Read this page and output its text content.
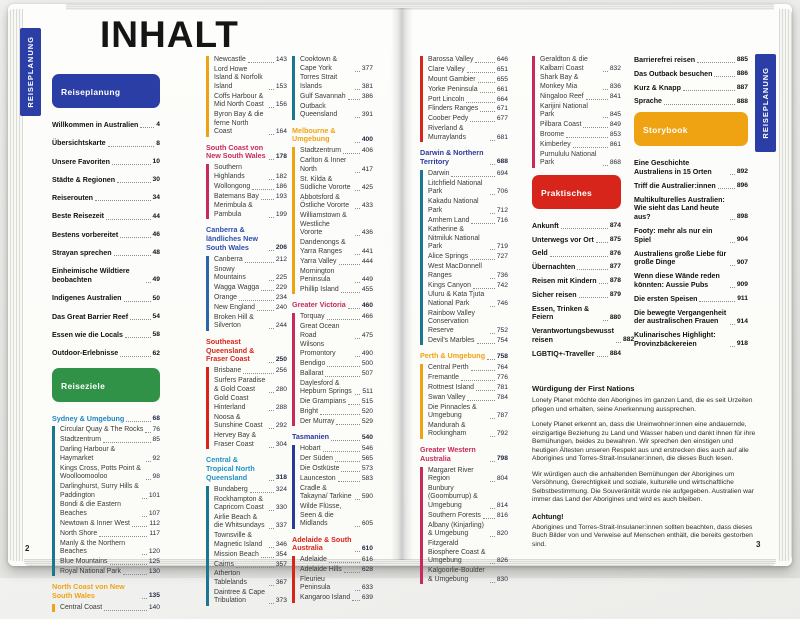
REISEPLANUNG	REISEPLANUNG
INHALT
Reiseplanung
Willkommen in Australien	4
Übersichtskarte	8
Unsere Favoriten	10
Städte & Regionen	30
Reiserouten	34
Beste Reisezeit	44
Bestens vorbereitet	46
Strayan sprechen	48
Einheimische Wildtiere beobachten	49
Indigenes Australien	50
Das Great Barrier Reef	54
Essen wie die Locals	58
Outdoor-Erlebnisse	62
Reiseziele
Sydney & Umgebung	68
Circular Quay & The Rocks 76
Stadtzentrum	85
Darling Harbour & Haymarket	92
Kings Cross, Potts Point & Woolloomooloo	98
Darlinghurst, Surry Hills & Paddington	101
Bondi & die Eastern Beaches	107
Newtown & Inner West	112
North Shore	117
Manly & the Northern Beaches	120
Blue Mountains	125
Royal National Park	130
North Coast von New South Wales	135
Central Coast	140
Newcastle	143
Lord Howe Island & Norfolk Island	153
Coffs Harbour & Mid North Coast	156
Byron Bay & die ferne North Coast	164
South Coast von New South Wales 178
Southern Highlands	182
Wollongong	186
Batemans Bay	193
Merimbula & Pambula	199
Canberra & ländliches New South Wales	206
Canberra	212
Snowy Mountains	225
Wagga Wagga	229
Orange	234
New England	240
Broken Hill & Silverton	244
Southeast Queensland & Fraser Coast	250
Brisbane	256
Surfers Paradise & Gold Coast	280
Gold Coast Hinterland	288
Noosa & Sunshine Coast	292
Hervey Bay & Fraser Coast	304
Central & Tropical North Queensland	318
Bundaberg	324
Rockhampton & Capricorn Coast	330
Airlie Beach & die Whitsundays	337
Townsville & Magnetic Island	346
Mission Beach	354
Cairns	357
Atherton Tablelands	367
Daintree & Cape Tribulation	373
Cooktown & Cape York	377
Torres Strait Islands	381
Gulf Savannah 386
Outback Queensland	391
Melbourne & Umgebung	400
Stadtzentrum	406
Carlton & Inner North	417
St. Kilda & Südliche Vororte	425
Abbotsford & Östliche Vororte	433
Williamstown & Westliche Vororte	436
Dandenongs & Yarra Ranges	441
Yarra Valley	444
Mornington Peninsula	449
Phillip Island	455
Greater Victoria 460
Torquay	466
Great Ocean Road	475
Wilsons Promontory	490
Bendigo	500
Ballarat	507
Daylesford & Hepburn Springs 511
Die Grampians 515
Bright	520
Der Murray	529
Tasmanien	540
Hobart	546
Der Süden	565
Die Ostküste	573
Launceston	583
Cradle & Takayna/ Tarkine 590
Wilde Flüsse, Seen & die Midlands	605
Adelaide & South Australia	610
Adelaide	616
Adelaide Hills	628
Fleurieu Peninsula	633
Kangaroo Island 639
Barossa Valley	646
Clare Valley	651
Mount Gambier	655
Yorke Peninsula	661
Port Lincoln	664
Flinders Ranges	671
Coober Pedy	677
Riverland & Murraylands	681
Darwin & Northern Territory	688
Darwin	694
Litchfield National Park	706
Kakadu National Park	712
Arnhem Land	716
Katherine & Nitmiluk National Park	719
Alice Springs	727
West MacDonnell Ranges	736
Kings Canyon	742
Uluru & Kata Tjuta National Park	746
Rainbow Valley Conservation Reserve	752
Devil's Marbles	754
Perth & Umgebung 758
Central Perth	764
Fremantle	776
Rottnest Island	781
Swan Valley	784
Die Pinnacles & Umgebung	787
Mandurah & Rockingham	792
Greater Western Australia	798
Margaret River Region	804
Bunbury (Goomburrup) & Umgebung	814
Southern Forests 816
Albany (Kinjarling) & Umgebung	820
Fitzgerald Biosphere Coast & Umgebung	826
Kalgoorlie-Boulder & Umgebung	830
Geraldton & die Kalbarri Coast	832
Shark Bay & Monkey Mia	836
Ningaloo Reef	841
Karijini National Park	845
Pilbara Coast	849
Broome	853
Kimberley	861
Purnululu National Park	868
Praktisches
Ankunft	874
Unterwegs vor Ort 875
Geld	876
Übernachten	877
Reisen mit Kindern 878
Sicher reisen	879
Essen, Trinken & Feiern	880
Verantwortungsbewusst reisen	882
LGBTIQ+-Traveller 884
Barrierefrei reisen	885
Das Outback besuchen	886
Kurz & Knapp	887
Sprache	888
Storybook
Eine Geschichte Australiens in 15 Orten	892
Triff die Australier:innen	896
Multikulturelles Australien: Wie sieht das Land heute aus?	898
Footy: mehr als nur ein Spiel	904
Australiens große Liebe für große Dinge	907
Wenn diese Wände reden könnten: Aussie Pubs	909
Die ersten Speisen	911
Die bewegte Vergangenheit der australischen Frauen	914
Kulinarisches Highlight: Provinzbäckereien	918
Würdigung der First Nations

Lonely Planet möchte den Aborigines im ganzen Land, die es seit Urzeiten pflegen und erhalten, seine Anerkennung aussprechen.

Lonely Planet erkennt an, dass die Ureinwohner:innen eine andauernde, einzigartige Beziehung zu Land und Wasser haben und dankt ihnen für ihre Bemühungen, beides zu bewahren. Wir sprechen den einstigen und heutigen Ältesten unseren Respekt aus und erstrecken dies auch auf alle Aborigines und Torres-Strait-Insulaner:innen, die dieses Buch lesen.

Wir würdigen auch die anhaltenden Bemühungen der Aborigines um Versöhnung, Gerechtigkeit und soziale, kulturelle und wirtschaftliche Selbstbestimmung. Die Souveränität wurde nie aufgegeben. Australien war immer das Land der Aborigines und wird es auch bleiben.

Achtung!

Aborigines und Torres-Strait-Insulaner:innen sollten beachten, dass dieses Buch Bilder von und Verweise auf Menschen enthält, die bereits gestorben sind.

2	3
